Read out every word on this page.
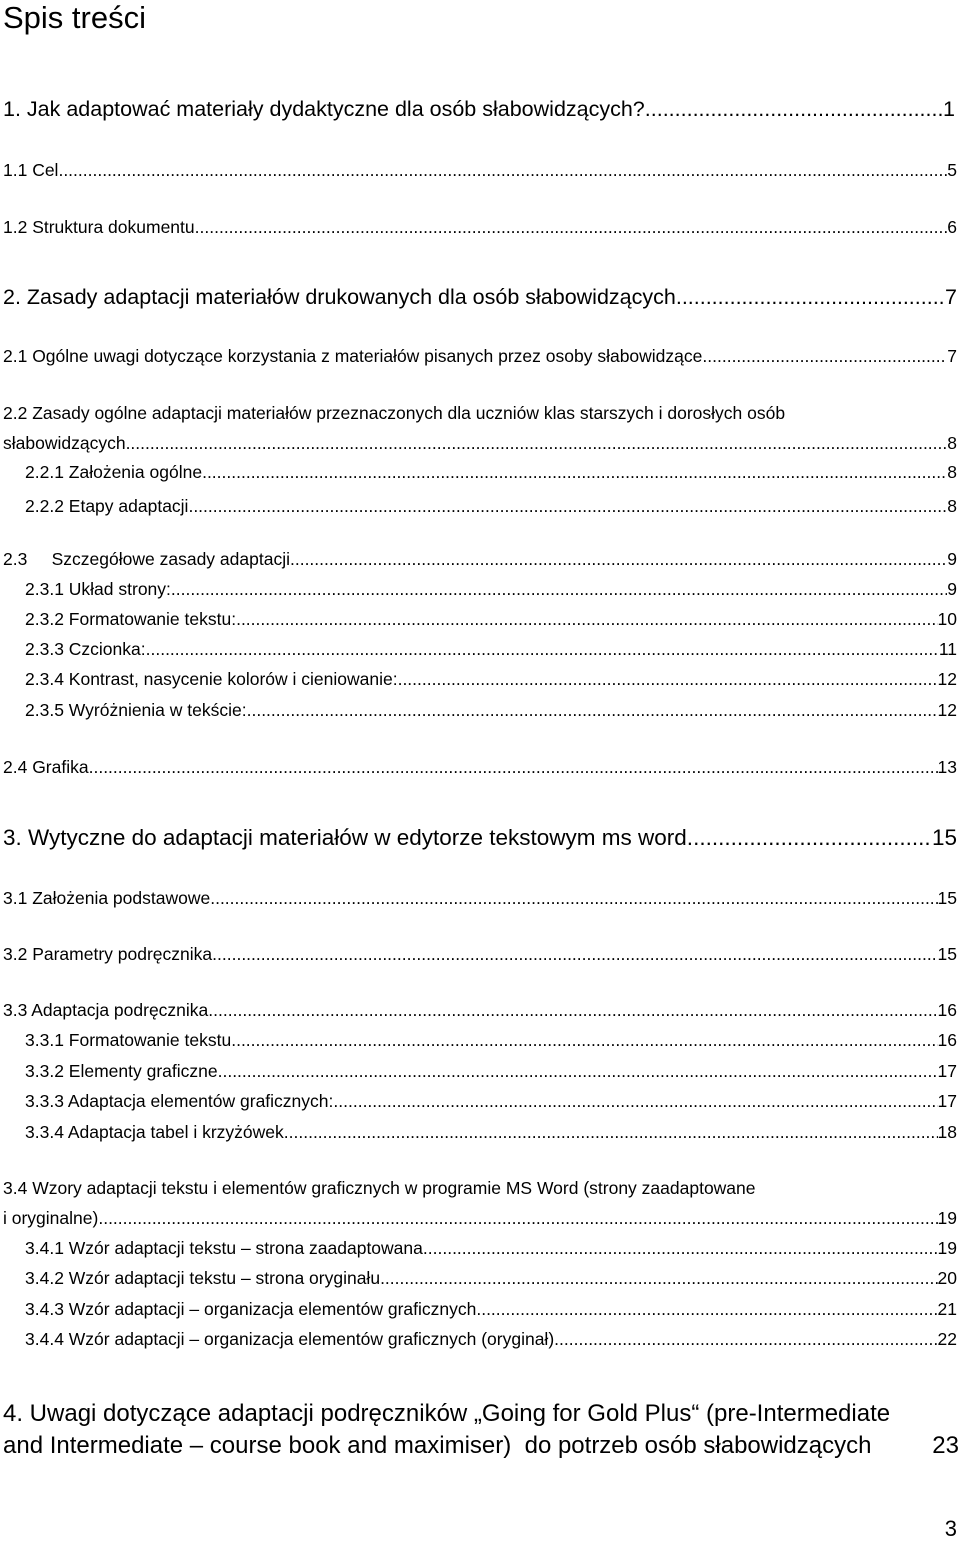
Spis treści
1. Jak adaptować materiały dydaktyczne dla osób słabowidzących? .....	1
1.1 Cel .....	5
1.2 Struktura dokumentu .....	6
2. Zasady adaptacji materiałów drukowanych dla osób słabowidzących .....	7
2.1 Ogólne uwagi dotyczące korzystania z materiałów pisanych przez osoby słabowidzące .....	7
2.2 Zasady ogólne adaptacji materiałów przeznaczonych dla uczniów klas starszych i dorosłych osób
słabowidzących .....	8
2.2.1 Założenia ogólne .....	8
2.2.2 Etapy adaptacji .....	8
2.3     Szczegółowe zasady adaptacji .....	9
2.3.1 Układ strony: .....	9
2.3.2 Formatowanie tekstu: .....	10
2.3.3 Czcionka: .....	11
2.3.4 Kontrast, nasycenie kolorów i cieniowanie: .....	12
2.3.5 Wyróżnienia w tekście: .....	12
2.4 Grafika .....	13
3. Wytyczne do adaptacji materiałów w edytorze tekstowym ms word. .....	15
3.1 Założenia podstawowe .....	15
3.2 Parametry podręcznika .....	15
3.3 Adaptacja podręcznika .....	16
3.3.1 Formatowanie tekstu .....	16
3.3.2 Elementy graficzne .....	17
3.3.3 Adaptacja elementów graficznych: .....	17
3.3.4 Adaptacja tabel i krzyżówek .....	18
3.4 Wzory adaptacji tekstu i elementów graficznych w programie MS Word (strony zaadaptowane
i oryginalne). .....	19
3.4.1 Wzór adaptacji tekstu – strona zaadaptowana .....	19
3.4.2 Wzór adaptacji tekstu – strona oryginału .....	20
3.4.3 Wzór adaptacji – organizacja elementów graficznych .....	21
3.4.4 Wzór adaptacji – organizacja elementów graficznych (oryginał) .....	22
4. Uwagi dotyczące adaptacji podręczników „Going for Gold Plus“ (pre-Intermediate
and Intermediate – course book and maximiser)  do potrzeb osób słabowidzących	23
3
